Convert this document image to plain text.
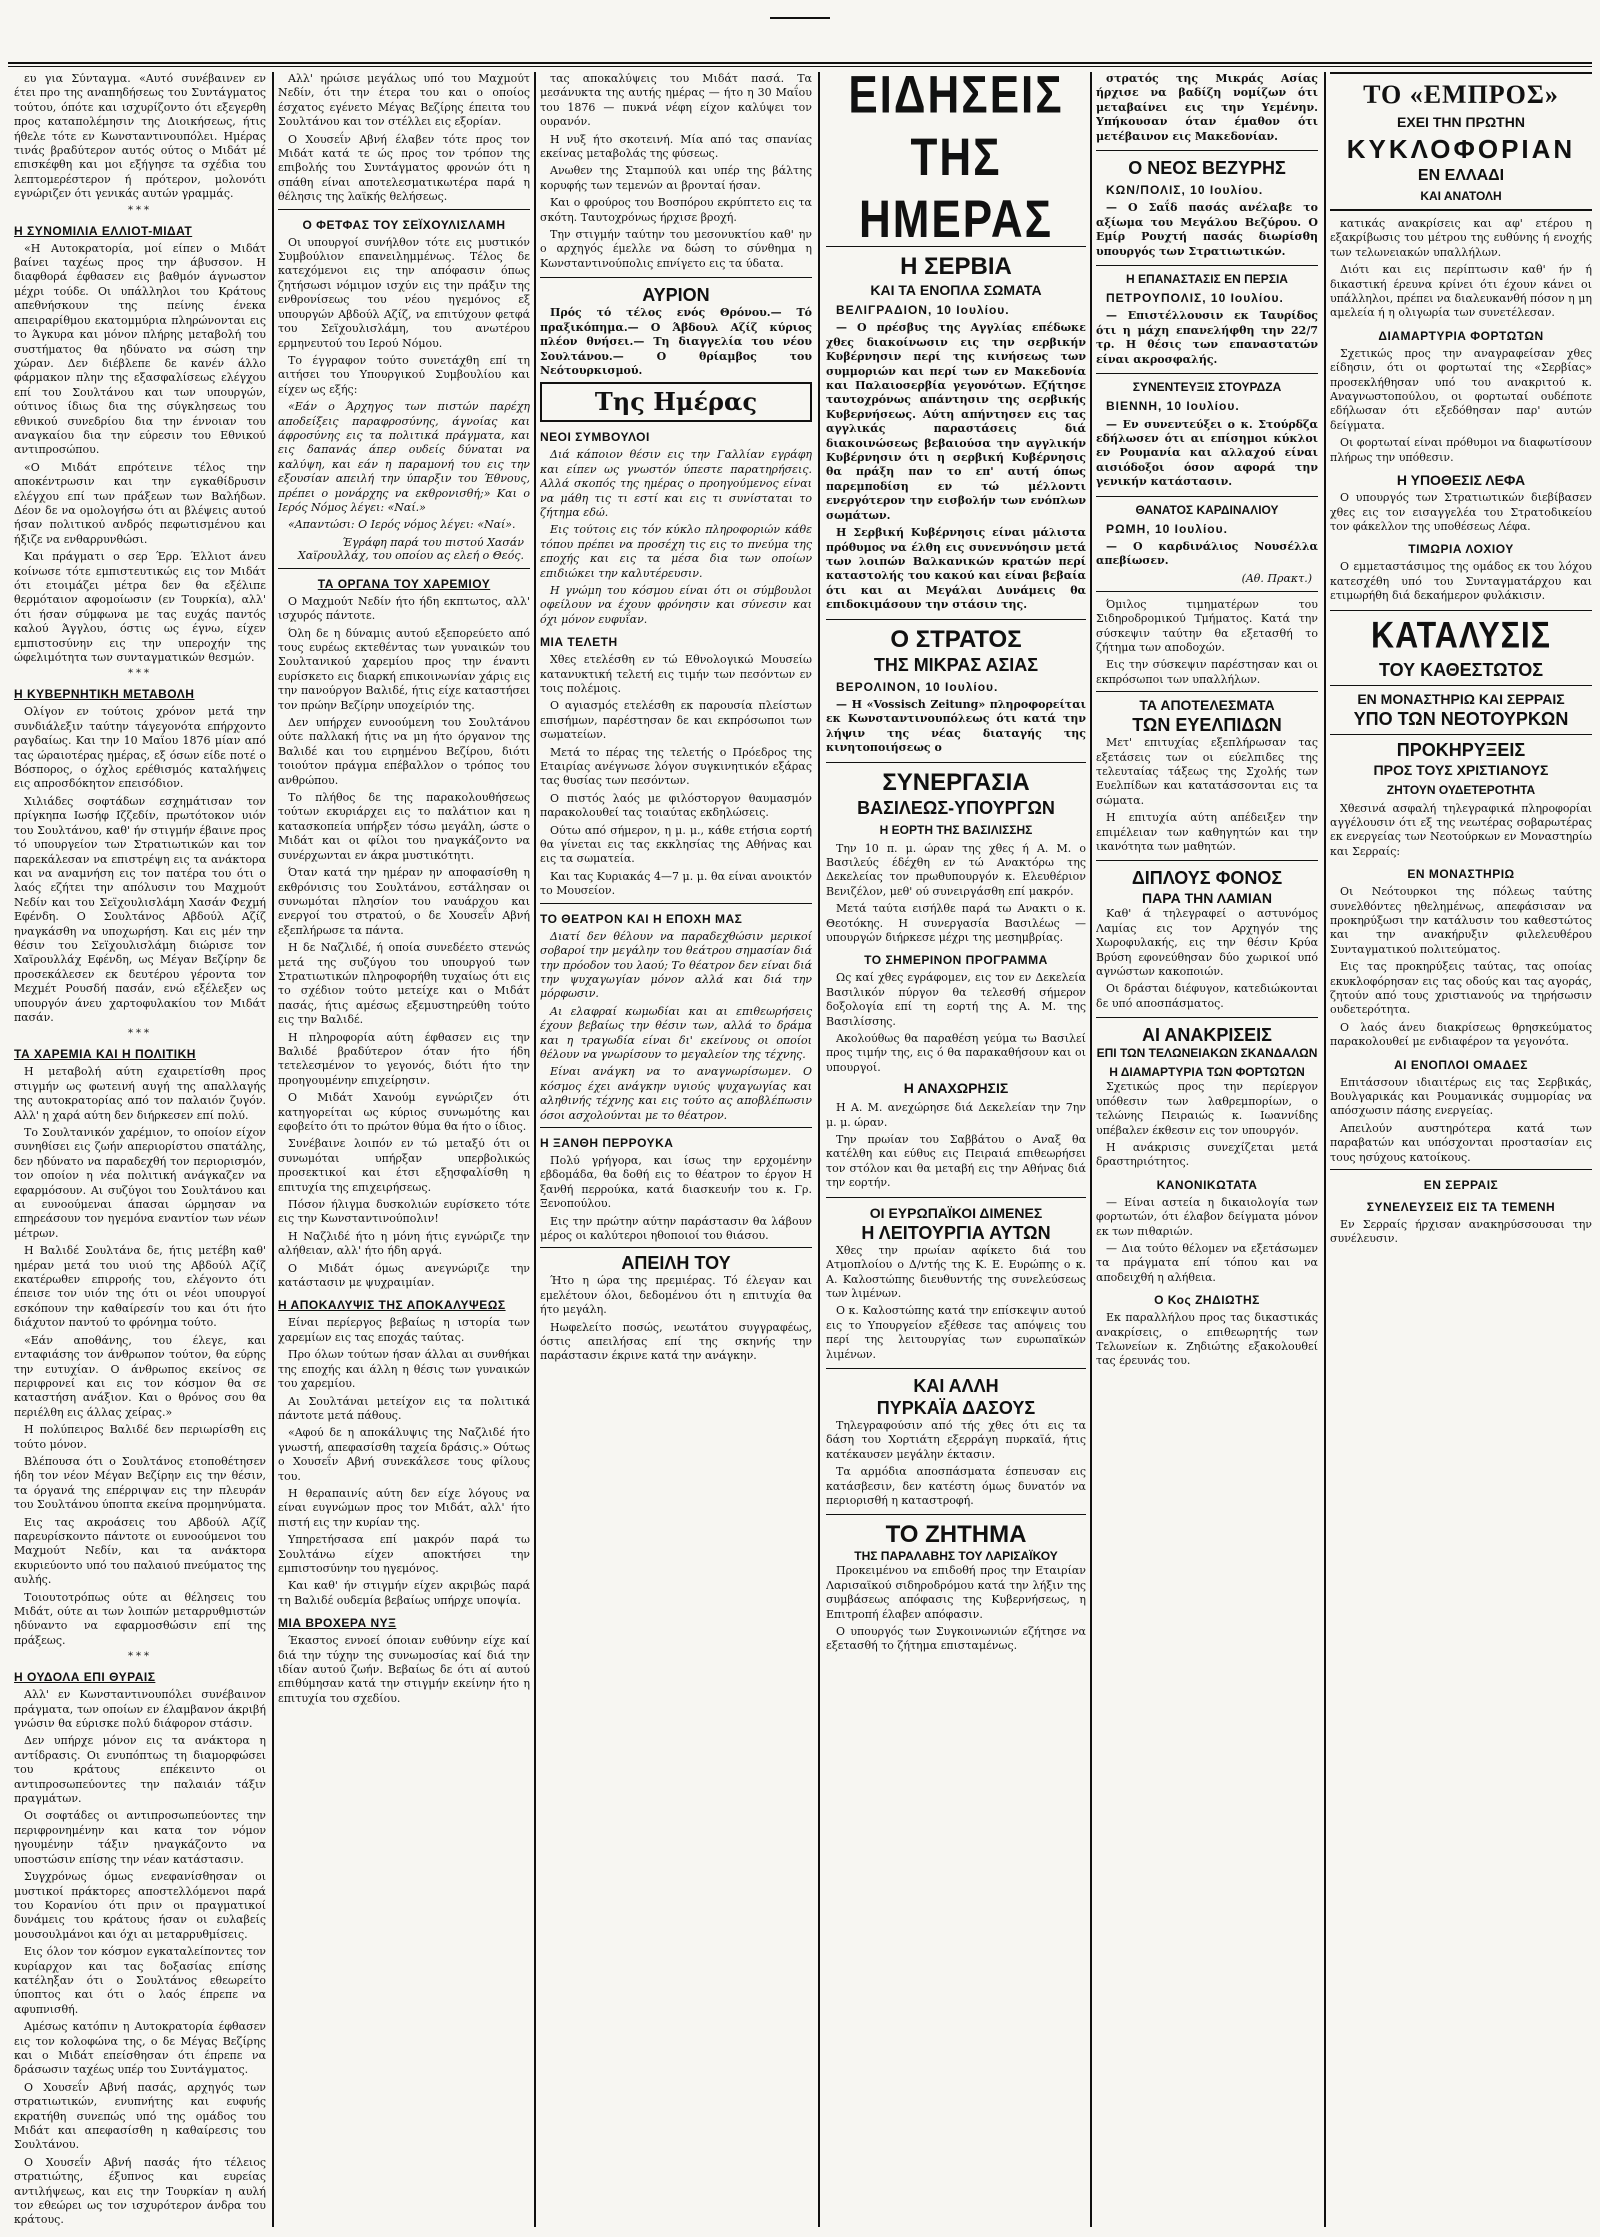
ευ για Σύνταγμα. «Αυτό συνέβαινεν εν έτει προ της αναπηδήσεως του Συντάγματος τούτου, όπότε και ισχυρίζοντο ότι εξεγερθη προς καταπολέμησιν της Διοικήσεως, ήτις ήθελε τότε εν Κωνσταντινουπόλει. Ημέρας τινάς βραδύτερον αυτός ούτος ο Μιδάτ μέ επισκέφθη και μοι εξήγησε τα σχέδια του λεπτομερέστερον ή πρότερον, μολονότι εγνώριζεν ότι γενικάς αυτών γραμμάς.

***
Η ΣΥΝΟΜΙΛΙΑ ΕΛΛΙΟΤ-ΜΙΔΑΤ

«Η Αυτοκρατορία, μοί είπεν ο Μιδάτ βαίνει ταχέως προς την άβυσσον. Η διαφθορά έφθασεν εις βαθμόν άγνωστον μέχρι τούδε. Οι υπάλληλοι του Κράτους απεθνήσκουν της πείνης ένεκα απειραρίθμου εκατομμύρια πληρώνονται εις το Άγκυρα και μόνον πλήρης μεταβολή του συστήματος θα ηδύνατο να σώση την χώραν. Δεν διέβλεπε δε κανέν άλλο φάρμακον πλην της εξασφαλίσεως ελέγχου επί του Σουλτάνου και των υπουργών, ούτινος ίδιως δια της σύγκλησεως του εθνικού συνεδρίου δια την έννοιαν του αναγκαίου δια την εύρεσιν του Εθνικού αντιπροσώπου.

«Ο Μιδάτ επρότεινε τέλος την αποκέντρωσιν και την εγκαθίδρυσιν ελέγχου επί των πράξεων των Βαλήδων. Δέον δε να ομολογήσω ότι αι βλέψεις αυτού ήσαν πολιτικού ανδρός πεφωτισμένου και ήξιζε να ενθαρρυνθώσι.

Και πράγματι ο σερ Έρρ. Έλλιοτ άνευ κοίνωσε τότε εμπιστευτικώς εις τον Μιδάτ ότι ετοιμάζει μέτρα δεν θα εξέλιπε θερμόταιον αφομοίωσιν (εν Τουρκία), αλλ' ότι ήσαν σύμφωνα με τας ευχάς παντός καλού Άγγλου, όστις ως έγνω, είχεν εμπιστοσύνην εις την υπεροχήν της ώφελιμότητα των συνταγματικών θεσμών.

***
Η ΚΥΒΕΡΝΗΤΙΚΗ ΜΕΤΑΒΟΛΗ

Ολίγον εν τούτοις χρόνον μετά την συνδιάλεξιν ταύτην τάγεγονότα επήρχοντο ραγδαίως. Και την 10 Μαΐου 1876 μίαν από τας ώραιοτέρας ημέρας, εξ όσων είδε ποτέ ο Βόσπορος, ο όχλος ερέθισμός καταλήψεις εις απροσδόκητον επεισόδιον.

Χιλιάδες σοφτάδων εσχημάτισαν τον πρίγκηπα Ιωσήφ Ιζζεδίν, πρωτότοκον υιόν του Σουλτάνου, καθ' ήν στιγμήν έβαινε προς τό υπουργείον των Στρατιωτικών και τον παρεκάλεσαν να επιστρέψη εις τα ανάκτορα και να αναμνήση εις τον πατέρα του ότι ο λαός εζήτει την απόλυσιν του Μαχμούτ Νεδίν και του Σεϊχουλισλάμη Χασάν Φεχμή Εφένδη. Ο Σουλτάνος Αβδούλ Αζίζ ηναγκάσθη να υποχωρήση. Και εις μέν την θέσιν του Σεϊχουλισλάμη διώρισε τον Χαϊρουλλάχ Εφένδη, ως Μέγαν Βεζίρην δε προσεκάλεσεν εκ δευτέρου γέροντα τον Μεχμέτ Ρουσδή πασάν, ενώ εξέλεξεν ως υπουργόν άνευ χαρτοφυλακίου τον Μιδάτ πασάν.

***
ΤΑ ΧΑΡΕΜΙΑ ΚΑΙ Η ΠΟΛΙΤΙΚΗ

Η μεταβολή αύτη εχαιρετίσθη προς στιγμήν ως φωτεινή αυγή της απαλλαγής της αυτοκρατορίας από τον παλαιόν ζυγόν. Αλλ' η χαρά αύτη δεν διήρκεσεν επί πολύ.

Το Σουλτανικόν χαρέμιον, το οποίον είχον συνηθίσει εις ζωήν απεριορίστου σπατάλης, δεν ηδύνατο να παραδεχθή τον περιορισμόν, τον οποίον η νέα πολιτική ανάγκαζεν να εφαρμόσουν. Αι συζύγοι του Σουλτάνου και αι ευνοούμεναι άπασαι ώρμησαν να επηρεάσουν τον ηγεμόνα εναντίον των νέων μέτρων.

Η Βαλιδέ Σουλτάνα δε, ήτις μετέβη καθ' ημέραν μετά του υιού της Αβδούλ Αζίζ εκατέρωθεν επιρροής του, ελέγοντο ότι έπεισε τον υιόν της ότι οι νέοι υπουργοί εσκόπουν την καθαίρεσίν του και ότι ήτο διάχυτον παντού το φρόνημα τούτο.

«Εάν αποθάνης, του έλεγε, και ενταφιάσης τον άνθρωπον τούτον, θα εύρης την ευτυχίαν. Ο άνθρωπος εκείνος σε περιφρονεί και εις τον κόσμον θα σε καταστήση ανάξιον. Και ο θρόνος σου θα περιέλθη εις άλλας χείρας.»

Η πολύπειρος Βαλιδέ δεν περιωρίσθη εις τούτο μόνον.

Βλέπουσα ότι ο Σουλτάνος ετοποθέτησεν ήδη τον νέον Μέγαν Βεζίρην εις την θέσιν, τα όργανά της επέρριψαν εις την πλευράν του Σουλτάνου ύποπτα εκείνα προμηνύματα.

Εις τας ακροάσεις του Αβδούλ Αζίζ παρευρίσκοντο πάντοτε οι ευνοούμενοι του Μαχμούτ Νεδίν, και τα ανάκτορα εκυριεύοντο υπό του παλαιού πνεύματος της αυλής.

Τοιουτοτρόπως ούτε αι θέλησεις του Μιδάτ, ούτε αι των λοιπών μεταρρυθμιστών ηδύναντο να εφαρμοσθώσιν επί της πράξεως.

***
Η ΟΥΔΟΛΑ ΕΠΙ ΘΥΡΑΙΣ

Αλλ' εν Κωνσταντινουπόλει συνέβαινον πράγματα, των οποίων εν έλαμβανον άκριβή γνώσιν θα εύρισκε πολύ διάφορον στάσιν.

Δεν υπήρχε μόνον εις τα ανάκτορα η αντίδρασις. Οι ενυπόπτως τη διαμορφώσει του κράτους επέκειντο οι αντιπροσωπεύοντες την παλαιάν τάξιν πραγμάτων.

Οι σοφτάδες οι αντιπροσωπεύοντες την περιφρονημένην και κατα τον νόμον ηγουμένην τάξιν ηναγκάζοντο να υποστώσιν επίσης την νέαν κατάστασιν.

Συγχρόνως όμως ενεφανίσθησαν οι μυστικοί πράκτορες αποστελλόμενοι παρά του Κορανίου ότι πριν οι πραγματικοί δυνάμεις του κράτους ήσαν οι ευλαβείς μουσουλμάνοι και όχι αι μεταρρυθμίσεις.

Εις όλον τον κόσμον εγκαταλείποντες τον κυρίαρχον και τας δοξασίας επίσης κατέληξαν ότι ο Σουλτάνος εθεωρείτο ύποπτος και ότι ο λαός έπρεπε να αφυπνισθή.

Αμέσως κατόπιν η Αυτοκρατορία έφθασεν εις τον κολοφώνα της, ο δε Μέγας Βεζίρης και ο Μιδάτ επείσθησαν ότι έπρεπε να δράσωσιν ταχέως υπέρ του Συντάγματος.

Ο Χουσεΐν Αβνή πασάς, αρχηγός των στρατιωτικών, ενυπνήτης και ευφυής εκρατήθη συνεπώς υπό της ομάδος του Μιδάτ και απεφασίσθη η καθαίρεσις του Σουλτάνου.

Ο Χουσεΐν Αβνή πασάς ήτο τέλειος στρατιώτης, έξυπνος και ευρείας αντιλήψεως, και εις την Τουρκίαν η αυλή τον εθεώρει ως τον ισχυρότερον άνδρα του κράτους.

Αλλ' ηρώισε μεγάλως υπό του Μαχμούτ Νεδίν, ότι την έτερα του και ο οποίος έσχατος εγένετο Μέγας Βεζίρης έπειτα του Σουλτάνου και τον στέλλει εις εξορίαν.

Ο Χουσεΐν Αβνή έλαβεν τότε προς τον Μιδάτ κατά τε ώς προς τον τρόπον της επιβολής του Συντάγματος φρονών ότι η σπάθη είναι αποτελεσματικωτέρα παρά η θέλησις της λαϊκής θελήσεως.

Ο ΦΕΤΦΑΣ ΤΟΥ ΣΕΪΧΟΥΛΙΣΛΑΜΗ

Οι υπουργοί συνήλθον τότε εις μυστικόν Συμβούλιον επανειλημμένως. Τέλος δε κατεχόμενοι εις την απόφασιν όπως ζητήσωσι νόμιμον ισχύν εις την πράξιν της ενθρονίσεως του νέου ηγεμόνος εξ υπουργών Αβδούλ Αζίζ, να επιτύχουν φετφά του Σεϊχουλισλάμη, του ανωτέρου ερμηνευτού του Ιερού Νόμου.

Το έγγραφον τούτο συνετάχθη επί τη αιτήσει του Υπουργικού Συμβουλίου και είχεν ως εξής:

«Εάν ο Άρχηγος των πιστών παρέχη αποδείξεις παραφροσύνης, άγνοίας και άφροσύνης εις τα πολιτικά πράγματα, και εις δαπανάς άπερ ουδείς δύναται να καλύψη, και εάν η παραμονή του εις την εξουσίαν απειλή την ύπαρξιν του Έθνους, πρέπει ο μονάρχης να εκθρονισθή;» Και ο Ιερός Νόμος λέγει: «Ναί.»

«Απαντώσι: Ο Ιερός νόμος λέγει: «Ναί».

Έγράφη παρά του πιστού Χασάν Χαϊρουλλάχ, του οποίου ας ελεή ο Θεός.
ΤΑ ΟΡΓΑΝΑ ΤΟΥ ΧΑΡΕΜΙΟΥ

Ο Μαχμούτ Νεδίν ήτο ήδη εκπτωτος, αλλ' ισχυρός πάντοτε.

Όλη δε η δύναμις αυτού εξεπορεύετο από τους ευρέως εκτεθέντας των γυναικών του Σουλτανικού χαρεμίου προς την έναντι ευρίσκετο εις διαρκή επικοινωνίαν χάρις εις την πανούργον Βαλιδέ, ήτις είχε καταστήσει τον πρώην Βεζίρην υποχείριόν της.

Δεν υπήρχεν ευνοούμενη του Σουλτάνου ούτε παλλακή ήτις να μη ήτο όργανον της Βαλιδέ και του ειρημένου Βεζίρου, διότι τοιούτον πράγμα επέβαλλον ο τρόπος του ανθρώπου.

Το πλήθος δε της παρακολουθήσεως τούτων εκυριάρχει εις το παλάτιον και η κατασκοπεία υπήρξεν τόσω μεγάλη, ώστε ο Μιδάτ και οι φίλοι του ηναγκάζοντο να συνέρχωνται εν άκρα μυστικότητι.

Όταν κατά την ημέραν ην αποφασίσθη η εκθρόνισις του Σουλτάνου, εστάλησαν οι συνωμόται πλησίον του ναυάρχου και ενεργοί του στρατού, ο δε Χουσεΐν Αβνή εξεπλήρωσε τα πάντα.

Η δε Ναζλιδέ, ή οποία συνεδέετο στενώς μετά της συζύγου του υπουργού των Στρατιωτικών πληροφορήθη τυχαίως ότι εις το σχέδιον τούτο μετείχε και ο Μιδάτ πασάς, ήτις αμέσως εξεμυστηρεύθη τούτο εις την Βαλιδέ.

Η πληροφορία αύτη έφθασεν εις την Βαλιδέ βραδύτερον όταν ήτο ήδη τετελεσμένον το γεγονός, διότι ήτο την προηγουμένην επιχείρησιν.

Ο Μιδάτ Χανούμ εγνώριζεν ότι κατηγορείται ως κύριος συνωμότης και εφοβείτο ότι το πρώτον θύμα θα ήτο ο ίδιος.

Συνέβαινε λοιπόν εν τώ μεταξύ ότι οι συνωμόται υπήρξαν υπερβολικώς προσεκτικοί και έτσι εξησφαλίσθη η επιτυχία της επιχειρήσεως.

Πόσον ήλιγμα δυσκολιών ευρίσκετο τότε εις την Κωνσταντινούπολιν!

Η Ναζλιδέ ήτο η μόνη ήτις εγνώριζε την αλήθειαν, αλλ' ήτο ήδη αργά.

Ο Μιδάτ όμως ανεγνώριζε την κατάστασιν με ψυχραιμίαν.

Η ΑΠΟΚΑΛΥΨΙΣ ΤΗΣ ΑΠΟΚΑΛΥΨΕΩΣ

Είναι περίεργος βεβαίως η ιστορία των χαρεμίων εις τας εποχάς ταύτας.

Προ όλων τούτων ήσαν άλλαι αι συνθήκαι της εποχής και άλλη η θέσις των γυναικών του χαρεμίου.

Αι Σουλτάναι μετείχον εις τα πολιτικά πάντοτε μετά πάθους.

«Αφού δε η αποκάλυψις της Ναζλιδέ ήτο γνωστή, απεφασίσθη ταχεία δράσις.» Ούτως ο Χουσεΐν Αβνή συνεκάλεσε τους φίλους του.

Η θεραπαινίς αύτη δεν είχε λόγους να είναι ευγνώμων προς τον Μιδάτ, αλλ' ήτο πιστή εις την κυρίαν της.

Υπηρετήσασα επί μακρόν παρά τω Σουλτάνω είχεν αποκτήσει την εμπιστοσύνην του ηγεμόνος.

Και καθ' ήν στιγμήν είχεν ακριβώς παρά τη Βαλιδέ ουδεμία βεβαίως υπήρχε υποψία.

ΜΙΑ ΒΡΟΧΕΡΑ ΝΥΞ

Έκαστος εννοεί όποιαν ευθύνην είχε καί διά την τύχην της συνωμοσίας καί διά την ιδίαν αυτού ζωήν. Βεβαίως δε ότι αί αυτού επιθύμησαν κατά την στιγμήν εκείνην ήτο η επιτυχία του σχεδίου.

τας αποκαλύψεις του Μιδάτ πασά. Τα μεσάνυκτα της αυτής ημέρας — ήτο η 30 Μαΐου του 1876 — πυκνά νέφη είχον καλύψει τον ουρανόν.

Η νυξ ήτο σκοτεινή. Μία από τας σπανίας εκείνας μεταβολάς της φύσεως.

Ανωθεν της Σταμπούλ και υπέρ της βάλτης κορυφής των τεμενών αι βρονταί ήσαν.

Και ο φρούρος του Βοσπόρου εκρύπτετο εις τα σκότη. Ταυτοχρόνως ήρχισε βροχή.

Την στιγμήν ταύτην του μεσονυκτίου καθ' ην ο αρχηγός έμελλε να δώση το σύνθημα η Κωνσταντινούπολις επνίγετο εις τα ύδατα.

ΑΥΡΙΟΝ

Πρός τό τέλος ενός Θρόνου.— Τό πραξικόπημα.— Ο Άβδουλ Αζίζ κύριος πλέον θνήσει.— Τη διαγγελία του νέου Σουλτάνου.— Ο θρίαμβος του Νεότουρκισμού.

Της Ημέρας
ΝΕΟΙ ΣΥΜΒΟΥΛΟΙ

Διά κάποιον θέσιν εις την Γαλλίαν εγράφη και είπεν ως γνωστόν ύπεστε παρατηρήσεις. Αλλά σκοπός της ημέρας ο προηγούμενος είναι να μάθη τις τι εστί και εις τι συνίσταται το ζήτημα εδώ.

Εις τούτοις εις τόν κύκλο πληροφοριών κάθε τόπου πρέπει να προσέχη τις εις το πνεύμα της εποχής και εις τα μέσα δια των οποίων επιδιώκει την καλυτέρευσιν.

Η γνώμη του κόσμου είναι ότι οι σύμβουλοι οφείλουν να έχουν φρόνησιν και σύνεσιν και όχι μόνον ευφυΐαν.

ΜΙΑ ΤΕΛΕΤΗ

Χθες ετελέσθη εν τώ Εθνολογικώ Μουσείω κατανυκτική τελετή εις τιμήν των πεσόντων εν τοις πολέμοις.

Ο αγιασμός ετελέσθη εκ παρουσία πλείστων επισήμων, παρέστησαν δε και εκπρόσωποι των σωματείων.

Μετά το πέρας της τελετής ο Πρόεδρος της Εταιρίας ανέγνωσε λόγον συγκινητικόν εξάρας τας θυσίας των πεσόντων.

Ο πιστός λαός με φιλόστοργον θαυμασμόν παρακολουθεί τας τοιαύτας εκδηλώσεις.

Ούτω από σήμερον, η μ. μ., κάθε ετήσια εορτή θα γίνεται εις τας εκκλησίας της Αθήνας και εις τα σωματεία.

Και τας Κυριακάς 4—7 μ. μ. θα είναι ανοικτόν το Μουσείον.

ΤΟ ΘΕΑΤΡΟΝ ΚΑΙ Η ΕΠΟΧΗ ΜΑΣ

Διατί δεν θέλουν να παραδεχθώσιν μερικοί σοβαροί την μεγάλην του θεάτρου σημασίαν διά την πρόοδον του λαού; Το θέατρον δεν είναι διά την ψυχαγωγίαν μόνον αλλά και διά την μόρφωσιν.

Αι ελαφραί κωμωδίαι και αι επιθεωρήσεις έχουν βεβαίως την θέσιν των, αλλά το δράμα και η τραγωδία είναι δι' εκείνους οι οποίοι θέλουν να γνωρίσουν το μεγαλείον της τέχνης.

Είναι ανάγκη να το αναγνωρίσωμεν. Ο κόσμος έχει ανάγκην υγιούς ψυχαγωγίας και αληθινής τέχνης και εις τούτο ας αποβλέπωσιν όσοι ασχολούνται με το θέατρον.

Η ΞΑΝΘΗ ΠΕΡΡΟΥΚΑ

Πολύ γρήγορα, και ίσως την ερχομένην εβδομάδα, θα δοθή εις το θέατρον το έργον Η ξανθή περρούκα, κατά διασκευήν του κ. Γρ. Ξενοπούλου.

Εις την πρώτην αύτην παράστασιν θα λάβουν μέρος οι καλύτεροι ηθοποιοί του θιάσου.

ΑΠΕΙΛΗ ΤΟΥ

Ήτο η ώρα της πρεμιέρας. Τό έλεγαν και εμελέτουν όλοι, δεδομένου ότι η επιτυχία θα ήτο μεγάλη.

Ηωφελείτο ποσώς, νεωτάτου συγγραφέως, όστις απειλήσας επί της σκηνής την παράστασιν έκρινε κατά την ανάγκην.

ΕΙΔΗΣΕΙΣ ΤΗΣ ΗΜΕΡΑΣ
Η ΣΕΡΒΙΑ
ΚΑΙ ΤΑ ΕΝΟΠΛΑ ΣΩΜΑΤΑ

ΒΕΛΙΓΡΑΔΙΟΝ, 10 Ιουλίου.

— Ο πρέσβυς της Αγγλίας επέδωκε χθες διακοίνωσιν εις την σερβικήν Κυβέρνησιν περί της κινήσεως των συμμοριών και περί των εν Μακεδονία και Παλαιοσερβία γεγονότων. Εζήτησε ταυτοχρόνως απάντησιν της σερβικής Κυβερνήσεως. Αύτη απήντησεν εις τας αγγλικάς παραστάσεις διά διακοινώσεως βεβαιούσα την αγγλικήν Κυβέρνησιν ότι η σερβική Κυβέρνησις θα πράξη παν το επ' αυτή όπως παρεμποδίση εν τώ μέλλοντι ενεργότερον την εισβολήν των ενόπλων σωμάτων.

Η Σερβική Κυβέρνησις είναι μάλιστα πρόθυμος να έλθη εις συνεννόησιν μετά των λοιπών Βαλκανικών κρατών περί καταστολής του κακού και είναι βεβαία ότι και αι Μεγάλαι Δυνάμεις θα επιδοκιμάσουν την στάσιν της.

Ο ΣΤΡΑΤΟΣ
ΤΗΣ ΜΙΚΡΑΣ ΑΣΙΑΣ

ΒΕΡΟΛΙΝΟΝ, 10 Ιουλίου.

— Η «Vossisch Zeitung» πληροφορείται εκ Κωνσταντινουπόλεως ότι κατά την λήψιν της νέας διαταγής της κινητοποιήσεως ο

ΣΥΝΕΡΓΑΣΙΑ
ΒΑΣΙΛΕΩΣ-ΥΠΟΥΡΓΩΝ
Η ΕΟΡΤΗ ΤΗΣ ΒΑΣΙΛΙΣΣΗΣ

Την 10 π. μ. ώραν της χθες ή Α. Μ. ο Βασιλεύς έδέχθη εν τώ Ανακτόρω της Δεκελείας τον πρωθυπουργόν κ. Ελευθέριον Βενιζέλον, μεθ' ού συνειργάσθη επί μακρόν.

Μετά ταύτα εισήλθε παρά τω Ανακτι ο κ. Θεοτόκης. Η συνεργασία Βασιλέως — υπουργών διήρκεσε μέχρι της μεσημβρίας.

ΤΟ ΣΗΜΕΡΙΝΟΝ ΠΡΟΓΡΑΜΜΑ

Ως καί χθες εγράφομεν, εις τον εν Δεκελεία Βασιλικόν πύργον θα τελεσθή σήμερον δοξολογία επί τη εορτή της Α. Μ. της Βασιλίσσης.

Ακολούθως θα παραθέση γεύμα τω Βασιλεί προς τιμήν της, εις ό θα παρακαθήσουν και οι υπουργοί.

Η ΑΝΑΧΩΡΗΣΙΣ

Η Α. Μ. ανεχώρησε διά Δεκελείαν την 7ην μ. μ. ώραν.

Την πρωίαν του Σαββάτου ο Αναξ θα κατέλθη και εύθυς εις Πειραιά επιθεωρήσει τον στόλον και θα μεταβή εις την Αθήνας διά την εορτήν.

ΟΙ ΕΥΡΩΠΑΪΚΟΙ ΔΙΜΕΝΕΣ
Η ΛΕΙΤΟΥΡΓΙΑ ΑΥΤΩΝ

Χθες την πρωίαν αφίκετο διά του Ατμοπλοίου ο Δ/ντής της Κ. Ε. Ευρώπης ο κ. Α. Καλοστώπης διευθυντής της συνελεύσεως των λιμένων.

Ο κ. Καλοστώπης κατά την επίσκεψιν αυτού εις το Υπουργείον εξέθεσε τας απόψεις του περί της λειτουργίας των ευρωπαϊκών λιμένων.

ΚΑΙ ΑΛΛΗ
ΠΥΡΚΑΪΑ ΔΑΣΟΥΣ

Τηλεγραφούσιν από τής χθες ότι εις τα δάση του Χορτιάτη εξερράγη πυρκαϊά, ήτις κατέκαυσεν μεγάλην έκτασιν.

Τα αρμόδια αποσπάσματα έσπευσαν εις κατάσβεσιν, δεν κατέστη όμως δυνατόν να περιορισθή η καταστροφή.

ΤΟ ΖΗΤΗΜΑ
ΤΗΣ ΠΑΡΑΛΑΒΗΣ ΤΟΥ ΛΑΡΙΣΑΪΚΟΥ

Προκειμένου να επιδοθή προς την Εταιρίαν Λαρισαϊκού σιδηροδρόμου κατά την λήξιν της συμβάσεως απόφασις της Κυβερνήσεως, η Επιτροπή έλαβεν απόφασιν.

Ο υπουργός των Συγκοινωνιών εζήτησε να εξετασθή το ζήτημα επισταμένως.

στρατός της Μικράς Ασίας ήρχισε να βαδίζη νομίζων ότι μεταβαίνει εις την Υεμένην. Υπήκουσαν όταν έμαθον ότι μετέβαινον εις Μακεδονίαν.

Ο ΝΕΟΣ ΒΕΖΥΡΗΣ

ΚΩΝ/ΠΟΛΙΣ, 10 Ιουλίου.

— Ο Σαΐδ πασάς ανέλαβε το αξίωμα του Μεγάλου Βεζύρου. Ο Εμίρ Ρουχτή πασάς διωρίσθη υπουργός των Στρατιωτικών.

Η ΕΠΑΝΑΣΤΑΣΙΣ ΕΝ ΠΕΡΣΙΑ

ΠΕΤΡΟΥΠΟΛΙΣ, 10 Ιουλίου.

— Επιστέλλουσιν εκ Ταυρίδος ότι η μάχη επανελήφθη την 22/7 τρ. Η θέσις των επαναστατών είναι ακροσφαλής.

ΣΥΝΕΝΤΕΥΞΙΣ ΣΤΟΥΡΔΖΑ

ΒΙΕΝΝΗ, 10 Ιουλίου.

— Εν συνεντεύξει ο κ. Στούρδζα εδήλωσεν ότι αι επίσημοι κύκλοι εν Ρουμανία και αλλαχού είναι αισιόδοξοι όσον αφορά την γενικήν κατάστασιν.

ΘΑΝΑΤΟΣ ΚΑΡΔΙΝΑΛΙΟΥ

ΡΩΜΗ, 10 Ιουλίου.

— Ο καρδινάλιος Νουσέλλα απεβίωσεν.

(Αθ. Πρακτ.)

Όμιλος τιμηματέρων του Σιδηροδρομικού Τμήματος. Κατά την σύσκεψιν ταύτην θα εξετασθή το ζήτημα των αποδοχών.

Εις την σύσκεψιν παρέστησαν και οι εκπρόσωποι των υπαλλήλων.

ΤΑ ΑΠΟΤΕΛΕΣΜΑΤΑ
ΤΩΝ ΕΥΕΛΠΙΔΩΝ

Μετ' επιτυχίας εξεπλήρωσαν τας εξετάσεις των οι εύελπιδες της τελευταίας τάξεως της Σχολής των Ευελπίδων και κατατάσσονται εις τα σώματα.

Η επιτυχία αύτη απέδειξεν την επιμέλειαν των καθηγητών και την ικανότητα των μαθητών.

ΔΙΠΛΟΥΣ ΦΟΝΟΣ
ΠΑΡΑ ΤΗΝ ΛΑΜΙΑΝ

Καθ' ά τηλεγραφεί ο αστυνόμος Λαμίας εις τον Αρχηγόν της Χωροφυλακής, εις την θέσιν Κρύα Βρύση εφονεύθησαν δύο χωρικοί υπό αγνώστων κακοποιών.

Οι δράσται διέφυγον, κατεδιώκονται δε υπό αποσπάσματος.

ΑΙ ΑΝΑΚΡΙΣΕΙΣ
ΕΠΙ ΤΩΝ ΤΕΛΩΝΕΙΑΚΩΝ ΣΚΑΝΔΑΛΩΝ
Η ΔΙΑΜΑΡΤΥΡΙΑ ΤΩΝ ΦΟΡΤΩΤΩΝ

Σχετικώς προς την περίεργον υπόθεσιν των λαθρεμπορίων, ο τελώνης Πειραιώς κ. Ιωαννίδης υπέβαλεν έκθεσιν εις τον υπουργόν.

Η ανάκρισις συνεχίζεται μετά δραστηριότητος.

ΚΑΝΟΝΙΚΩΤΑΤΑ

— Είναι αστεία η δικαιολογία των φορτωτών, ότι έλαβον δείγματα μόνον εκ των πιθαριών.

— Δια τούτο θέλομεν να εξετάσωμεν τα πράγματα επί τόπου και να αποδειχθή η αλήθεια.

Ο Κος ΖΗΔΙΩΤΗΣ

Εκ παραλλήλου προς τας δικαστικάς ανακρίσεις, ο επιθεωρητής των Τελωνείων κ. Ζηδιώτης εξακολουθεί τας έρευνάς του.

ΤΟ «ΕΜΠΡΟΣ»
ΕΧΕΙ ΤΗΝ ΠΡΩΤΗΝ
ΚΥΚΛΟΦΟΡΙΑΝ
ΕΝ ΕΛΛΑΔΙ
ΚΑΙ ΑΝΑΤΟΛΗ

κατικάς ανακρίσεις και αφ' ετέρου η εξακρίβωσις του μέτρου της ευθύνης ή ενοχής των τελωνειακών υπαλλήλων.

Διότι και εις περίπτωσιν καθ' ήν ή δικαστική έρευνα κρίνει ότι έχουν κάνει οι υπάλληλοι, πρέπει να διαλευκανθή πόσον η μη αμελεία ή η ολιγωρία των συνετέλεσαν.

ΔΙΑΜΑΡΤΥΡΙΑ ΦΟΡΤΩΤΩΝ

Σχετικώς προς την αναγραφείσαν χθες είδησιν, ότι οι φορτωταί της «Σερβίας» προσεκλήθησαν υπό του ανακριτού κ. Αναγνωστοπούλου, οι φορτωταί ουδέποτε εδήλωσαν ότι εξεδόθησαν παρ' αυτών δείγματα.

Οι φορτωταί είναι πρόθυμοι να διαφωτίσουν πλήρως την υπόθεσιν.

Η ΥΠΟΘΕΣΙΣ ΛΕΦΑ

Ο υπουργός των Στρατιωτικών διεβίβασεν χθες εις τον εισαγγελέα του Στρατοδικείου τον φάκελλον της υποθέσεως Λέφα.

ΤΙΜΩΡΙΑ ΛΟΧΙΟΥ

Ο εμμεταστάσιμος της ομάδος εκ του λόχου κατεσχέθη υπό του Συνταγματάρχου και ετιμωρήθη διά δεκαήμερον φυλάκισιν.

ΚΑΤΑΛΥΣΙΣ
ΤΟΥ ΚΑΘΕΣΤΩΤΟΣ
ΕΝ ΜΟΝΑΣΤΗΡΙΩ ΚΑΙ ΣΕΡΡΑΙΣ
ΥΠΟ ΤΩΝ ΝΕΟΤΟΥΡΚΩΝ
ΠΡΟΚΗΡΥΞΕΙΣ
ΠΡΟΣ ΤΟΥΣ ΧΡΙΣΤΙΑΝΟΥΣ
ΖΗΤΟΥΝ ΟΥΔΕΤΕΡΟΤΗΤΑ

Χθεσινά ασφαλή τηλεγραφικά πληροφορίαι αγγέλουσιν ότι εξ της νεωτέρας σοβαρωτέρας εκ ενεργείας των Νεοτούρκων εν Μοναστηρίω και Σερραίς:

ΕΝ ΜΟΝΑΣΤΗΡΙΩ

Οι Νεότουρκοι της πόλεως ταύτης συνελθόντες ηθελημένως, απεφάσισαν να προκηρύξωσι την κατάλυσιν του καθεστώτος και την ανακήρυξιν φιλελευθέρου Συνταγματικού πολιτεύματος.

Εις τας προκηρύξεις ταύτας, τας οποίας εκυκλοφόρησαν εις τας οδούς και τας αγοράς, ζητούν από τους χριστιανούς να τηρήσωσιν ουδετερότητα.

Ο λαός άνευ διακρίσεως θρησκεύματος παρακολουθεί με ενδιαφέρον τα γεγονότα.

ΑΙ ΕΝΟΠΛΟΙ ΟΜΑΔΕΣ

Επιτάσσουν ιδιαιτέρως εις τας Σερβικάς, Βουλγαρικάς και Ρουμανικάς συμμορίας να απόσχωσιν πάσης ενεργείας.

Απειλούν αυστηρότερα κατά των παραβατών και υπόσχονται προστασίαν εις τους ησύχους κατοίκους.

ΕΝ ΣΕΡΡΑΙΣ
ΣΥΝΕΛΕΥΣΕΙΣ ΕΙΣ ΤΑ ΤΕΜΕΝΗ

Εν Σερραίς ήρχισαν ανακηρύσσουσαι την συνέλευσιν.
